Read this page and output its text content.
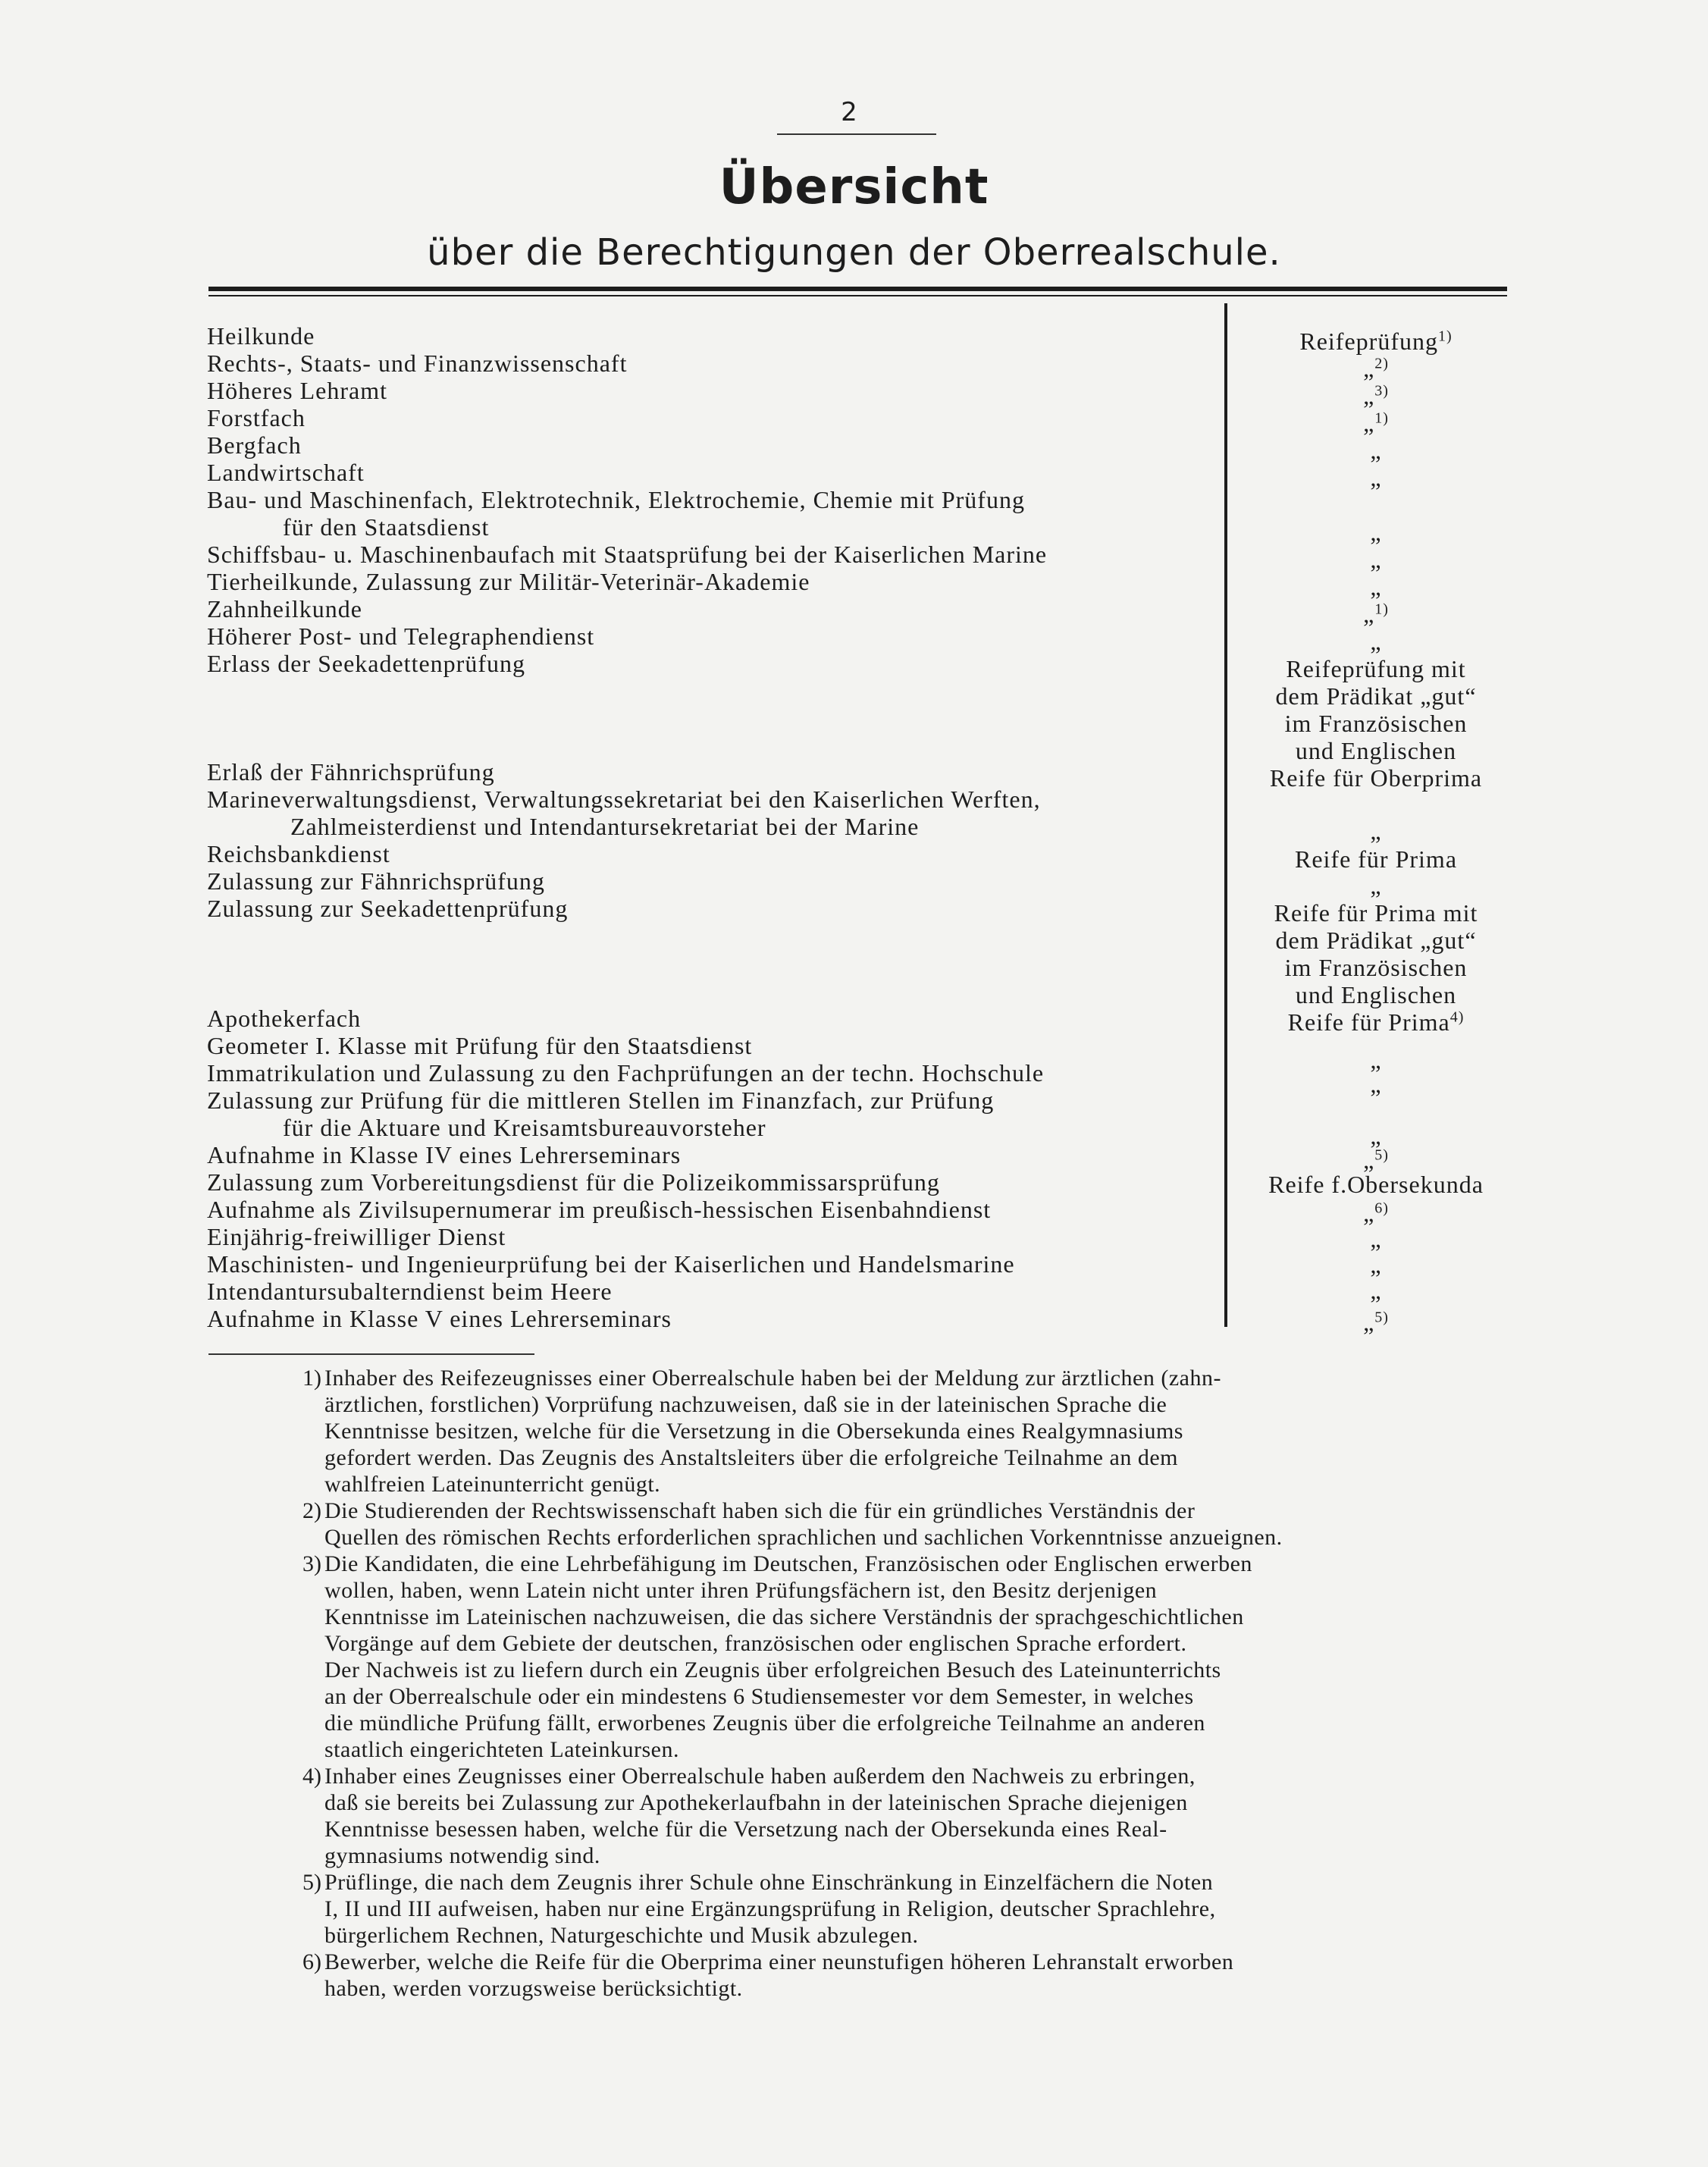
2
Übersicht
über die Berechtigungen der Oberrealschule.
Heilkunde
Rechts-, Staats- und Finanzwissenschaft
Höheres Lehramt
Forstfach
Bergfach
Landwirtschaft
Bau- und Maschinenfach, Elektrotechnik, Elektrochemie, Chemie mit Prüfung
für den Staatsdienst
Schiffsbau- u. Maschinenbaufach mit Staatsprüfung bei der Kaiserlichen Marine
Tierheilkunde, Zulassung zur Militär-Veterinär-Akademie
Zahnheilkunde
Höherer Post- und Telegraphendienst
Erlass der Seekadettenprüfung
Erlaß der Fähnrichsprüfung
Marineverwaltungsdienst, Verwaltungssekretariat bei den Kaiserlichen Werften,
Zahlmeisterdienst und Intendantursekretariat bei der Marine
Reichsbankdienst
Zulassung zur Fähnrichsprüfung
Zulassung zur Seekadettenprüfung
Apothekerfach
Geometer I. Klasse mit Prüfung für den Staatsdienst
Immatrikulation und Zulassung zu den Fachprüfungen an der techn. Hochschule
Zulassung zur Prüfung für die mittleren Stellen im Finanzfach, zur Prüfung
für die Aktuare und Kreisamtsbureauvorsteher
Aufnahme in Klasse IV eines Lehrerseminars
Zulassung zum Vorbereitungsdienst für die Polizeikommissarsprüfung
Aufnahme als Zivilsupernumerar im preußisch-hessischen Eisenbahndienst
Einjährig-freiwilliger Dienst
Maschinisten- und Ingenieurprüfung bei der Kaiserlichen und Handelsmarine
Intendantursubalterndienst beim Heere
Aufnahme in Klasse V eines Lehrerseminars
Reifeprüfung$^{1)}$
„$^{2)}$
„$^{3)}$
„$^{1)}$
„
„
„
„
„
„$^{1)}$
„
Reifeprüfung mit
dem Prädikat „gut“
im Französischen
und Englischen
Reife für Oberprima
„
Reife für Prima
„
Reife für Prima mit
dem Prädikat „gut“
im Französischen
und Englischen
Reife für Prima$^{4)}$
„
„
„
„$^{5)}$
Reife f.Obersekunda
„$^{6)}$
„
„
„
„$^{5)}$
1) Inhaber des Reifezeugnisses einer Oberrealschule haben bei der Meldung zur ärztlichen (zahn-
ärztlichen, forstlichen) Vorprüfung nachzuweisen, daß sie in der lateinischen Sprache die
Kenntnisse besitzen, welche für die Versetzung in die Obersekunda eines Realgymnasiums
gefordert werden. Das Zeugnis des Anstaltsleiters über die erfolgreiche Teilnahme an dem
wahlfreien Lateinunterricht genügt.
2) Die Studierenden der Rechtswissenschaft haben sich die für ein gründliches Verständnis der
Quellen des römischen Rechts erforderlichen sprachlichen und sachlichen Vorkenntnisse anzueignen.
3) Die Kandidaten, die eine Lehrbefähigung im Deutschen, Französischen oder Englischen erwerben
wollen, haben, wenn Latein nicht unter ihren Prüfungsfächern ist, den Besitz derjenigen
Kenntnisse im Lateinischen nachzuweisen, die das sichere Verständnis der sprachgeschichtlichen
Vorgänge auf dem Gebiete der deutschen, französischen oder englischen Sprache erfordert.
Der Nachweis ist zu liefern durch ein Zeugnis über erfolgreichen Besuch des Lateinunterrichts
an der Oberrealschule oder ein mindestens 6 Studiensemester vor dem Semester, in welches
die mündliche Prüfung fällt, erworbenes Zeugnis über die erfolgreiche Teilnahme an anderen
staatlich eingerichteten Lateinkursen.
4) Inhaber eines Zeugnisses einer Oberrealschule haben außerdem den Nachweis zu erbringen,
daß sie bereits bei Zulassung zur Apothekerlaufbahn in der lateinischen Sprache diejenigen
Kenntnisse besessen haben, welche für die Versetzung nach der Obersekunda eines Real-
gymnasiums notwendig sind.
5) Prüflinge, die nach dem Zeugnis ihrer Schule ohne Einschränkung in Einzelfächern die Noten
I, II und III aufweisen, haben nur eine Ergänzungsprüfung in Religion, deutscher Sprachlehre,
bürgerlichem Rechnen, Naturgeschichte und Musik abzulegen.
6) Bewerber, welche die Reife für die Oberprima einer neunstufigen höheren Lehranstalt erworben
haben, werden vorzugsweise berücksichtigt.
